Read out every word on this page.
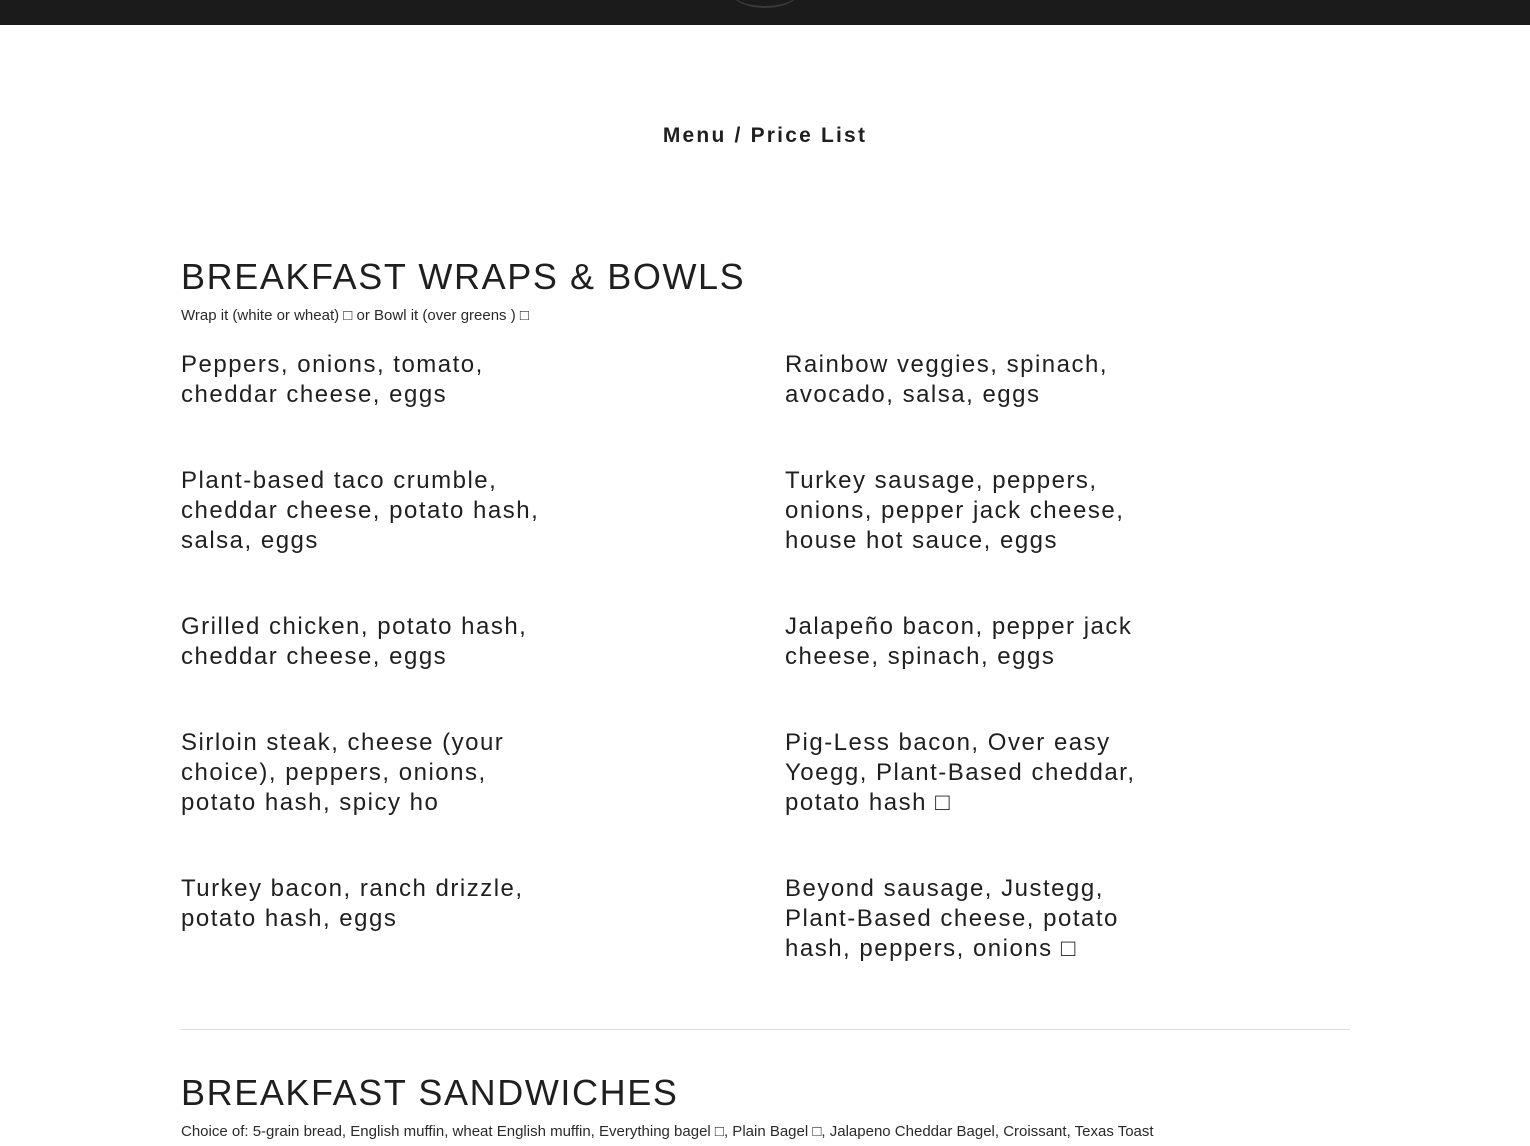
Menu / Price List
BREAKFAST WRAPS & BOWLS

Wrap it (white or wheat) □ or Bowl it (over greens ) □

Peppers, onions, tomato, cheddar cheese, eggs
Rainbow veggies, spinach, avocado, salsa, eggs
Plant-based taco crumble, cheddar cheese, potato hash, salsa, eggs
Turkey sausage, peppers, onions, pepper jack cheese, house hot sauce, eggs
Grilled chicken, potato hash, cheddar cheese, eggs
Jalapeño bacon, pepper jack cheese, spinach, eggs
Sirloin steak, cheese (your choice), peppers, onions, potato hash, spicy ho
Pig-Less bacon, Over easy Yoegg, Plant-Based cheddar, potato hash □
Turkey bacon, ranch drizzle, potato hash, eggs
Beyond sausage, Justegg, Plant-Based cheese, potato hash, peppers, onions □
BREAKFAST SANDWICHES

Choice of: 5-grain bread, English muffin, wheat English muffin, Everything bagel □, Plain Bagel □, Jalapeno Cheddar Bagel, Croissant, Texas Toast
